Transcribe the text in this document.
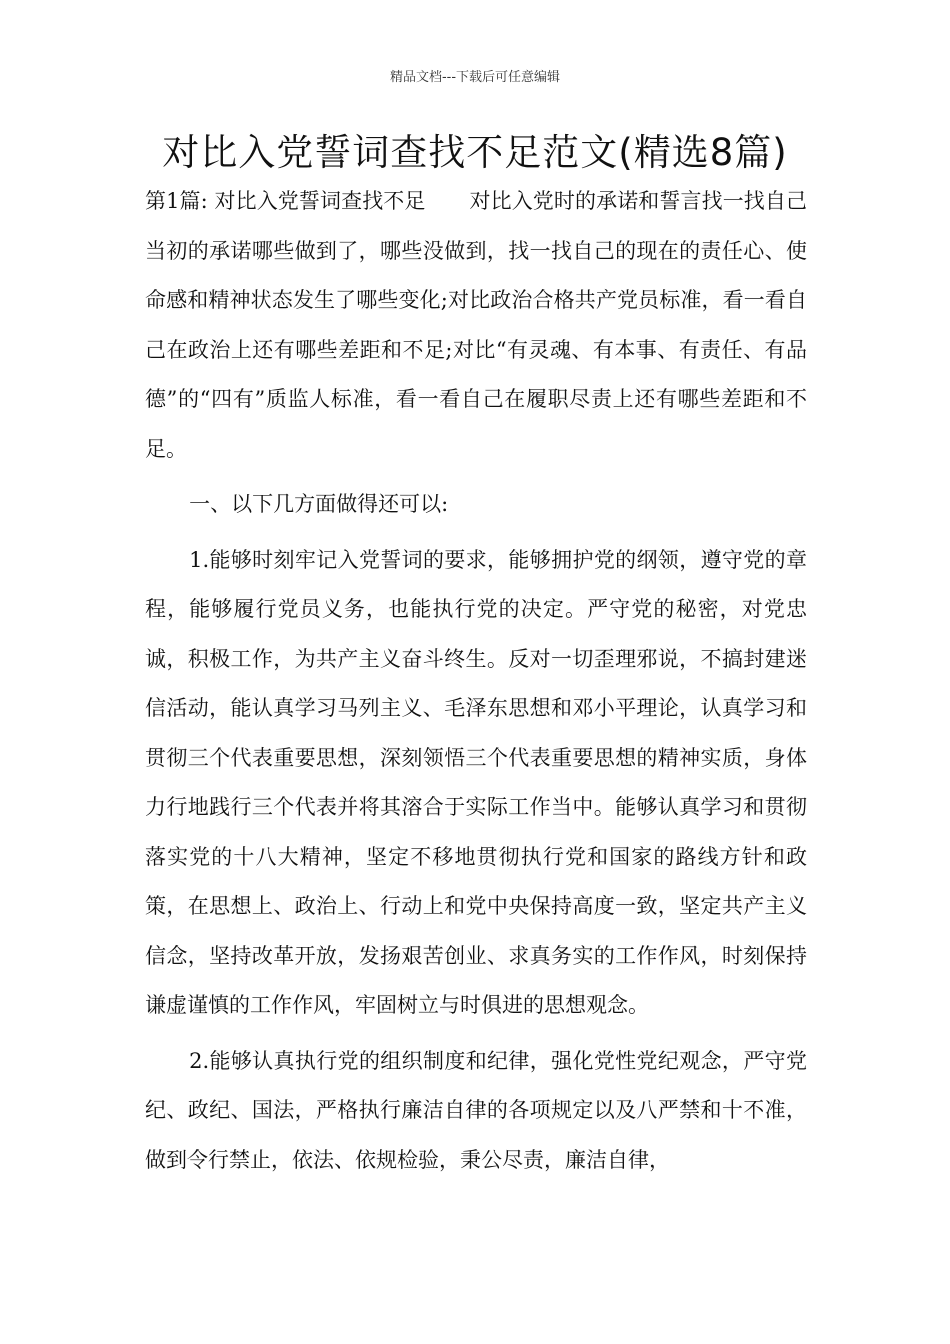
精品文档---下载后可任意编辑
对比入党誓词查找不足范文(精选8篇)

第1篇: 对比入党誓词查找不足 对比入党时的承诺和誓言找一找自己当初的承诺哪些做到了，哪些没做到，找一找自己的现在的责任心、使命感和精神状态发生了哪些变化;对比政治合格共产党员标准，看一看自己在政治上还有哪些差距和不足;对比“有灵魂、有本事、有责任、有品德”的“四有”质监人标准，看一看自己在履职尽责上还有哪些差距和不足。

一、以下几方面做得还可以:

1.能够时刻牢记入党誓词的要求，能够拥护党的纲领，遵守党的章程，能够履行党员义务，也能执行党的决定。严守党的秘密，对党忠诚，积极工作，为共产主义奋斗终生。反对一切歪理邪说，不搞封建迷信活动，能认真学习马列主义、毛泽东思想和邓小平理论，认真学习和贯彻三个代表重要思想，深刻领悟三个代表重要思想的精神实质，身体力行地践行三个代表并将其溶合于实际工作当中。能够认真学习和贯彻落实党的十八大精神，坚定不移地贯彻执行党和国家的路线方针和政策，在思想上、政治上、行动上和党中央保持高度一致，坚定共产主义信念，坚持改革开放，发扬艰苦创业、求真务实的工作作风，时刻保持谦虚谨慎的工作作风，牢固树立与时俱进的思想观念。

2.能够认真执行党的组织制度和纪律，强化党性党纪观念，严守党纪、政纪、国法，严格执行廉洁自律的各项规定以及八严禁和十不准，做到令行禁止，依法、依规检验，秉公尽责，廉洁自律，
